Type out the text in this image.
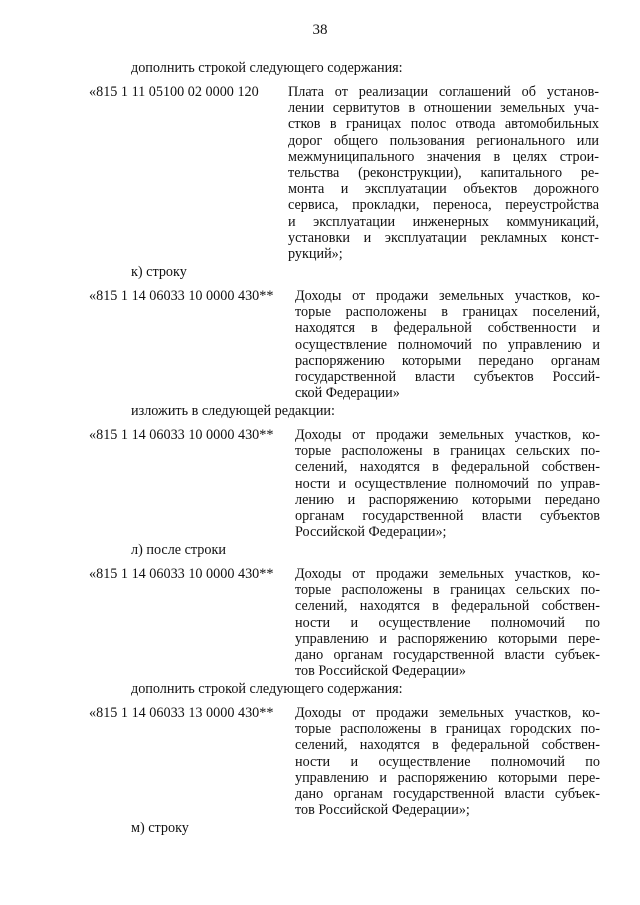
38
дополнить строкой следующего содержания:
«815 1 11 05100 02 0000 120 Плата от реализации соглашений об установ-
лении сервитутов в отношении земельных уча-
стков в границах полос отвода автомобильных
дорог общего пользования регионального или
межмуниципального значения в целях строи-
тельства (реконструкции), капитального ре-
монта и эксплуатации объектов дорожного
сервиса, прокладки, переноса, переустройства
и эксплуатации инженерных коммуникаций,
установки и эксплуатации рекламных конст-
рукций»;
к) строку
«815 1 14 06033 10 0000 430** Доходы от продажи земельных участков, ко-
торые расположены в границах поселений,
находятся в федеральной собственности и
осуществление полномочий по управлению и
распоряжению которыми передано органам
государственной власти субъектов Россий-
ской Федерации»
изложить в следующей редакции:
«815 1 14 06033 10 0000 430** Доходы от продажи земельных участков, ко-
торые расположены в границах сельских по-
селений, находятся в федеральной собствен-
ности и осуществление полномочий по управ-
лению и распоряжению которыми передано
органам государственной власти субъектов
Российской Федерации»;
л) после строки
«815 1 14 06033 10 0000 430** Доходы от продажи земельных участков, ко-
торые расположены в границах сельских по-
селений, находятся в федеральной собствен-
ности и осуществление полномочий по
управлению и распоряжению которыми пере-
дано органам государственной власти субъек-
тов Российской Федерации»
дополнить строкой следующего содержания:
«815 1 14 06033 13 0000 430** Доходы от продажи земельных участков, ко-
торые расположены в границах городских по-
селений, находятся в федеральной собствен-
ности и осуществление полномочий по
управлению и распоряжению которыми пере-
дано органам государственной власти субъек-
тов Российской Федерации»;
м) строку
